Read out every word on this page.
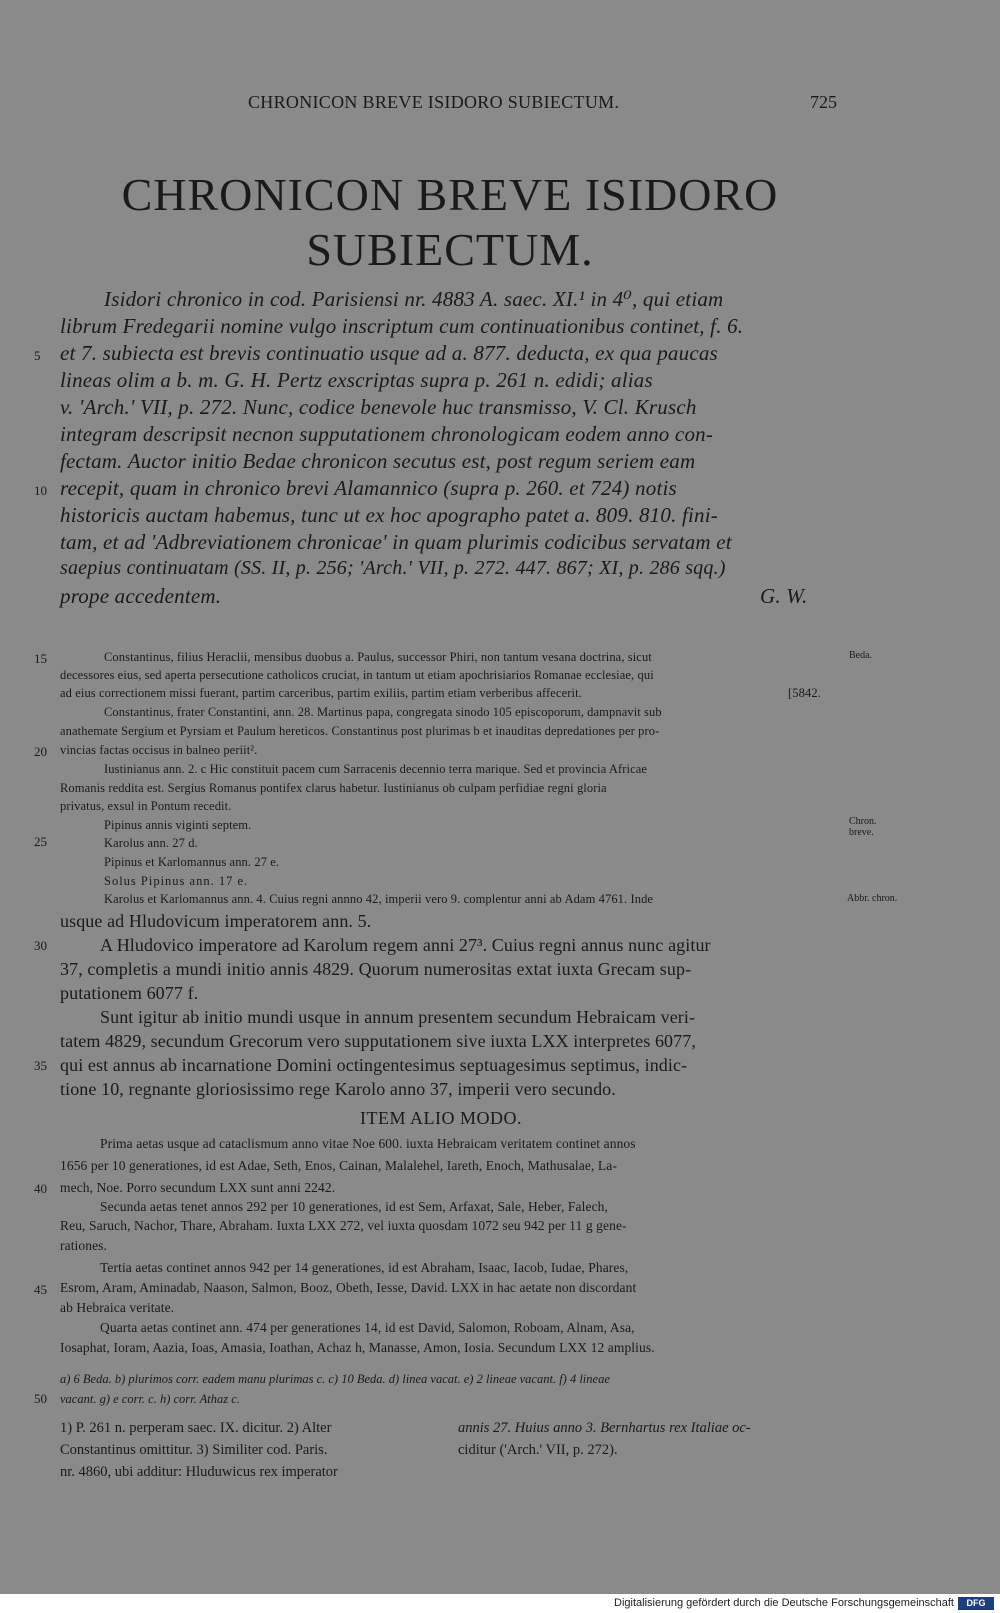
CHRONICON BREVE ISIDORO SUBIECTUM.	725
CHRONICON BREVE ISIDORO
SUBIECTUM.
Isidori chronico in cod. Parisiensi nr. 4883 A. saec. XI.¹ in 4⁰, qui etiam
librum Fredegarii nomine vulgo inscriptum cum continuationibus continet, f. 6.
et 7. subiecta est brevis continuatio usque ad a. 877. deducta, ex qua paucas
lineas olim a b. m. G. H. Pertz exscriptas supra p. 261 n. edidi; alias
v. 'Arch.' VII, p. 272. Nunc, codice benevole huc transmisso, V. Cl. Krusch
integram descripsit necnon supputationem chronologicam eodem anno con-
fectam. Auctor initio Bedae chronicon secutus est, post regum seriem eam
recepit, quam in chronico brevi Alamannico (supra p. 260. et 724) notis
historicis auctam habemus, tunc ut ex hoc apographo patet a. 809. 810. fini-
tam, et ad 'Adbreviationem chronicae' in quam plurimis codicibus servatam et
saepius continuatam (SS. II, p. 256; 'Arch.' VII, p. 272. 447. 867; XI, p. 286 sqq.)
prope accedentem.	G. W.
5
10
15
20
25
30
35
40
45
50
Beda.
Chron.
breve.
Abbr. chron.
Constantinus, filius Heraclii, mensibus duobus a. Paulus, successor Phiri, non tantum vesana doctrina, sicut
decessores eius, sed aperta persecutione catholicos cruciat, in tantum ut etiam apochrisiarios Romanae ecclesiae, qui
ad eius correctionem missi fuerant, partim carceribus, partim exiliis, partim etiam verberibus affecerit.	[5842.
Constantinus, frater Constantini, ann. 28. Martinus papa, congregata sinodo 105 episcoporum, dampnavit sub
anathemate Sergium et Pyrsiam et Paulum hereticos. Constantinus post plurimas b et inauditas depredationes per pro-
vincias factas occisus in balneo periit².
Iustinianus ann. 2. c Hic constituit pacem cum Sarracenis decennio terra marique. Sed et provincia Africae
Romanis reddita est. Sergius Romanus pontifex clarus habetur. Iustinianus ob culpam perfidiae regni gloria
privatus, exsul in Pontum recedit.
Pipinus annis viginti septem.
Karolus ann. 27 d.
Pipinus et Karlomannus ann. 27 e.
Solus Pipinus ann. 17 e.
Karolus et Karlomannus ann. 4. Cuius regni annno 42, imperii vero 9. complentur anni ab Adam 4761. Inde
usque ad Hludovicum imperatorem ann. 5.
A Hludovico imperatore ad Karolum regem anni 27³. Cuius regni annus nunc agitur
37, completis a mundi initio annis 4829. Quorum numerositas extat iuxta Grecam sup-
putationem 6077 f.
Sunt igitur ab initio mundi usque in annum presentem secundum Hebraicam veri-
tatem 4829, secundum Grecorum vero supputationem sive iuxta LXX interpretes 6077,
qui est annus ab incarnatione Domini octingentesimus septuagesimus septimus, indic-
tione 10, regnante gloriosissimo rege Karolo anno 37, imperii vero secundo.
ITEM ALIO MODO.
Prima aetas usque ad cataclismum anno vitae Noe 600. iuxta Hebraicam veritatem continet annos
1656 per 10 generationes, id est Adae, Seth, Enos, Cainan, Malalehel, Iareth, Enoch, Mathusalae, La-
mech, Noe. Porro secundum LXX sunt anni 2242.
Secunda aetas tenet annos 292 per 10 generationes, id est Sem, Arfaxat, Sale, Heber, Falech,
Reu, Saruch, Nachor, Thare, Abraham. Iuxta LXX 272, vel iuxta quosdam 1072 seu 942 per 11 g gene-
rationes.
Tertia aetas continet annos 942 per 14 generationes, id est Abraham, Isaac, Iacob, Iudae, Phares,
Esrom, Aram, Aminadab, Naason, Salmon, Booz, Obeth, Iesse, David. LXX in hac aetate non discordant
ab Hebraica veritate.
Quarta aetas continet ann. 474 per generationes 14, id est David, Salomon, Roboam, Alnam, Asa,
Iosaphat, Ioram, Aazia, Ioas, Amasia, Ioathan, Achaz h, Manasse, Amon, Iosia. Secundum LXX 12 amplius.
a) 6 Beda. b) plurimos corr. eadem manu plurimas c. c) 10 Beda. d) linea vacat. e) 2 lineae vacant. f) 4 lineae
vacant. g) e corr. c. h) corr. Athaz c.
1) P. 261 n. perperam saec. IX. dicitur. 2) Alter
Constantinus omittitur. 3) Similiter cod. Paris.
nr. 4860, ubi additur: Hluduwicus rex imperator
annis 27. Huius anno 3. Bernhartus rex Italiae oc-
ciditur ('Arch.' VII, p. 272).
Digitalisierung gefördert durch die Deutsche Forschungsgemeinschaft	DFG
